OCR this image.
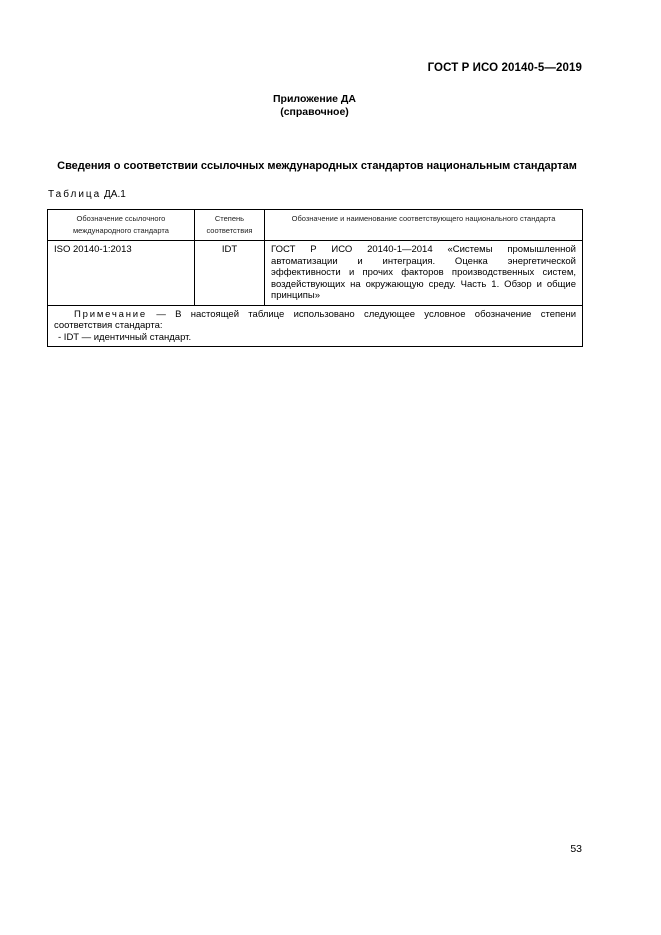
ГОСТ Р ИСО 20140-5—2019
Приложение ДА
(справочное)
Сведения о соответствии ссылочных международных стандартов национальным стандартам
Таблица ДА.1
Обозначение ссылочного международного стандарта	Степень соответствия	Обозначение и наименование соответствующего национального стандарта
ISO 20140-1:2013	IDT	ГОСТ Р ИСО 20140-1—2014 «Системы промышленной автоматизации и интеграция. Оценка энергетической эффективности и прочих факторов производственных систем, воздействующих на окружающую среду. Часть 1. Обзор и общие принципы»

Примечание — В настоящей таблице использовано следующее условное обозначение степени
соответствия стандарта:
- IDT — идентичный стандарт.		
53
